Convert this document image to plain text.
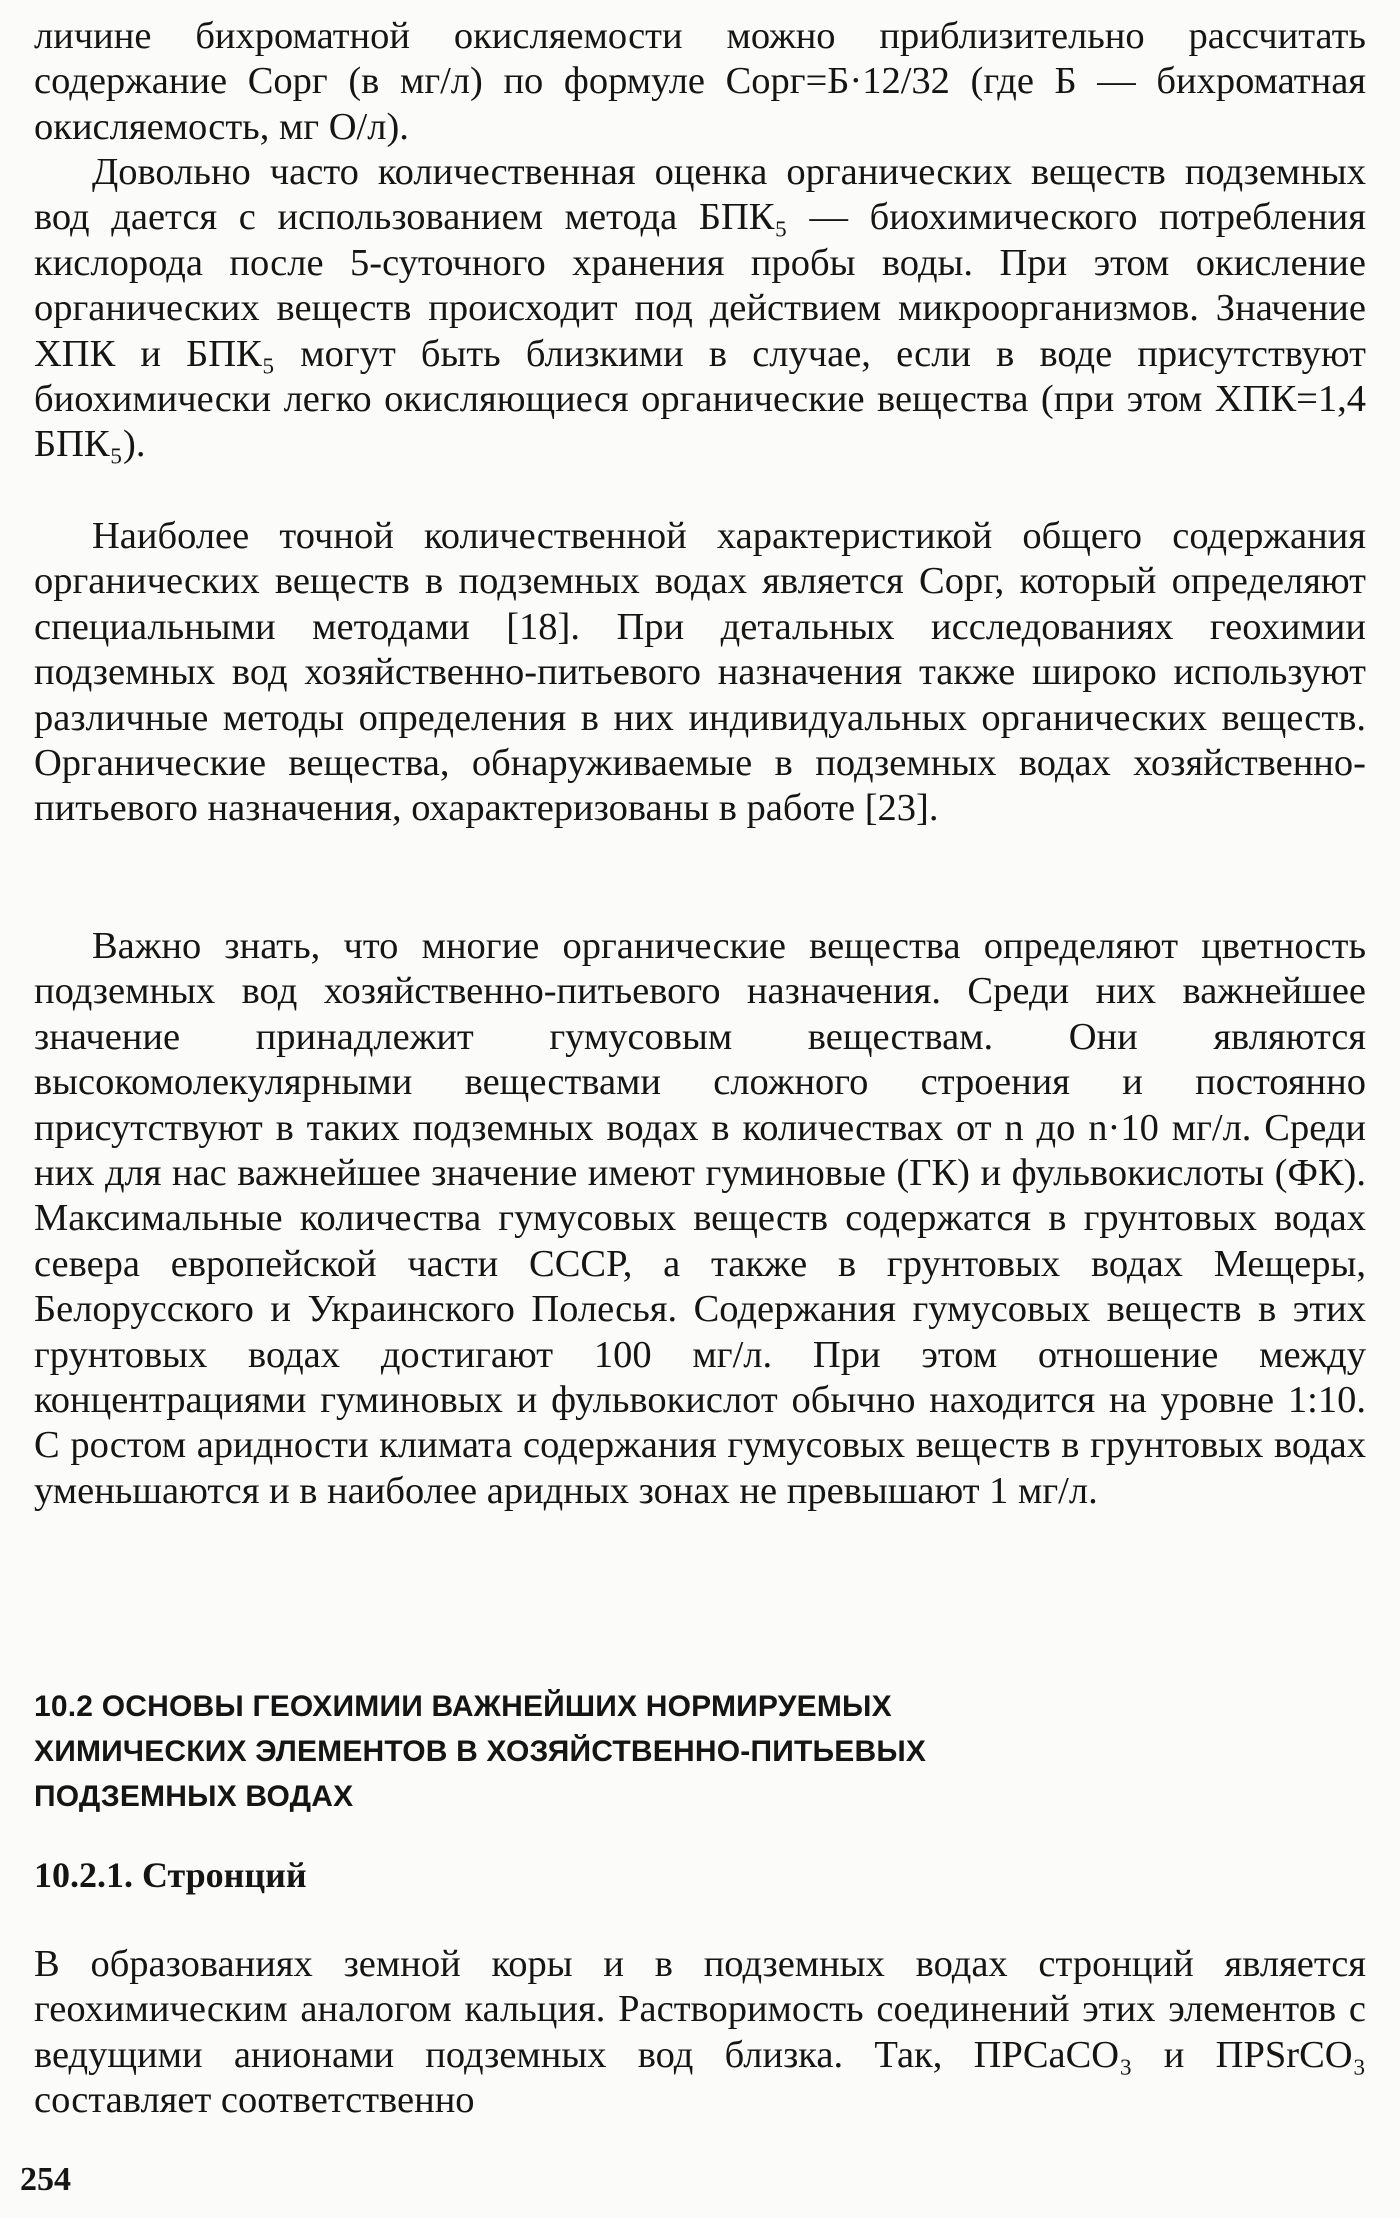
личине бихроматной окисляемости можно приблизительно рассчитать содержание Cорг (в мг/л) по формуле Cорг=Б·12/32 (где Б — бихроматная окисляемость, мг О/л).

Довольно часто количественная оценка органических веществ подземных вод дается с использованием метода БПК₅ — биохимического потребления кислорода после 5-суточного хранения пробы воды. При этом окисление органических веществ происходит под действием микроорганизмов. Значение ХПК и БПК₅ могут быть близкими в случае, если в воде присутствуют биохимически легко окисляющиеся органические вещества (при этом ХПК=1,4 БПК₅).

Наиболее точной количественной характеристикой общего содержания органических веществ в подземных водах является Cорг, который определяют специальными методами [18]. При детальных исследованиях геохимии подземных вод хозяйственно-питьевого назначения также широко используют различные методы определения в них индивидуальных органических веществ. Органические вещества, обнаруживаемые в подземных водах хозяйственно-питьевого назначения, охарактеризованы в работе [23].

Важно знать, что многие органические вещества определяют цветность подземных вод хозяйственно-питьевого назначения. Среди них важнейшее значение принадлежит гумусовым веществам. Они являются высокомолекулярными веществами сложного строения и постоянно присутствуют в таких подземных водах в количествах от n до n·10 мг/л. Среди них для нас важнейшее значение имеют гуминовые (ГК) и фульвокислоты (ФК). Максимальные количества гумусовых веществ содержатся в грунтовых водах севера европейской части СССР, а также в грунтовых водах Мещеры, Белорусского и Украинского Полесья. Содержания гумусовых веществ в этих грунтовых водах достигают 100 мг/л. При этом отношение между концентрациями гуминовых и фульвокислот обычно находится на уровне 1:10. С ростом аридности климата содержания гумусовых веществ в грунтовых водах уменьшаются и в наиболее аридных зонах не превышают 1 мг/л.

10.2 ОСНОВЫ ГЕОХИМИИ ВАЖНЕЙШИХ НОРМИРУЕМЫХ
ХИМИЧЕСКИХ ЭЛЕМЕНТОВ В ХОЗЯЙСТВЕННО-ПИТЬЕВЫХ
ПОДЗЕМНЫХ ВОДАХ

10.2.1. Стронций

В образованиях земной коры и в подземных водах стронций является геохимическим аналогом кальция. Растворимость соединений этих элементов с ведущими анионами подземных вод близка. Так, ПРCaCO₃ и ПРSrCO₃ составляет соответственно

254
